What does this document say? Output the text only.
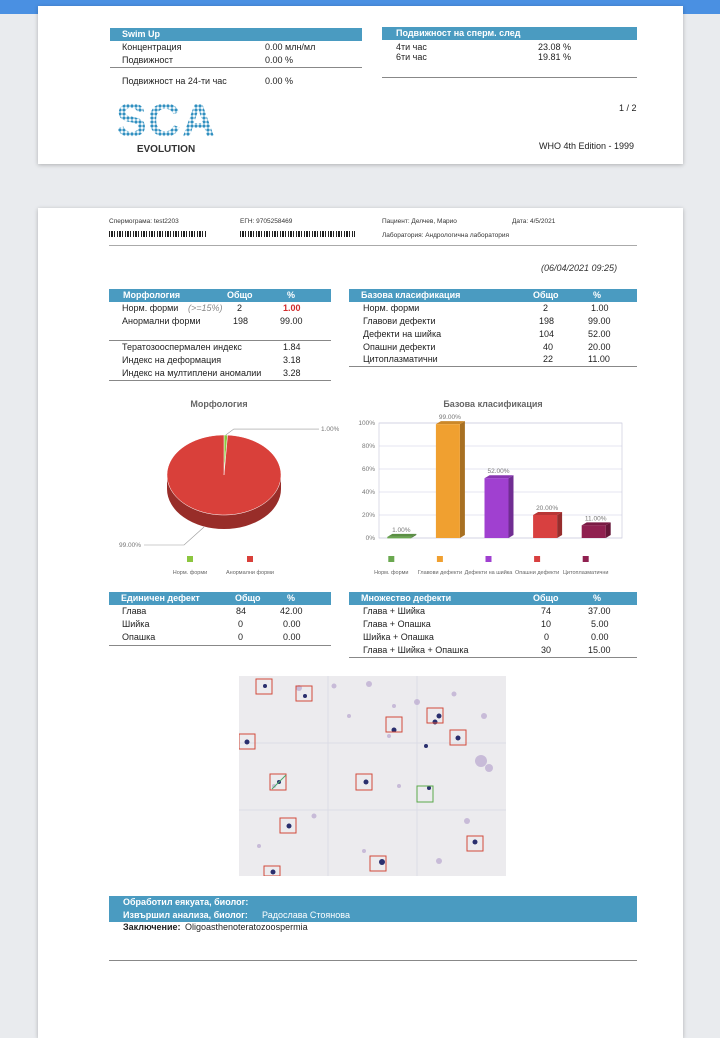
Swim Up
Концентрация	0.00 млн/мл
Подвижност	0.00 %
Подвижност на 24-ти час	0.00 %
Подвижност на сперм. след
4ти час	23.08 %
6ти час	19.81 %
SCA
EVOLUTION
1 / 2
WHO 4th Edition - 1999
Спермограма: test2203	ЕГН: 9705258469	Пациент: Делчев, Марио	Дата: 4/5/2021
Лаборатория: Андрологична лаборатория
(06/04/2021 09:25)
Морфология	Общо	%
Норм. форми (>=15%) 2	1.00
Анормални форми	198	99.00
Тератозооспермален индекс	1.84
Индекс на деформация	3.18
Индекс на мултиплени аномалии 3.28
Базова класификация	Общо	%
Норм. форми	2	1.00
Главови дефекти	198	99.00
Дефекти на шийка	104	52.00
Опашни дефекти	40	20.00
Цитоплазматични	22	11.00
Морфология
1.00%
99.00%
Норм. форми	Анормални форми
Базова класификация
0%
20%
40%
60%
80%
100%
1.00%
99.00%
52.00%
20.00%
11.00%
Норм. форми Главови дефекти Дефекти на шийка Опашни дефекти Цитоплазматични
Единичен дефект	Общо	%
Глава	84	42.00
Шийка	0	0.00
Опашка	0	0.00
Множество дефекти	Общо	%
Глава + Шийка	74	37.00
Глава + Опашка	10	5.00
Шийка + Опашка	0	0.00
Глава + Шийка + Опашка	30	15.00
Обработил еякуата, биолог:
Извършил анализа, биолог: Радослава Стоянова
Заключение: Oligoasthenoteratozoospermia
